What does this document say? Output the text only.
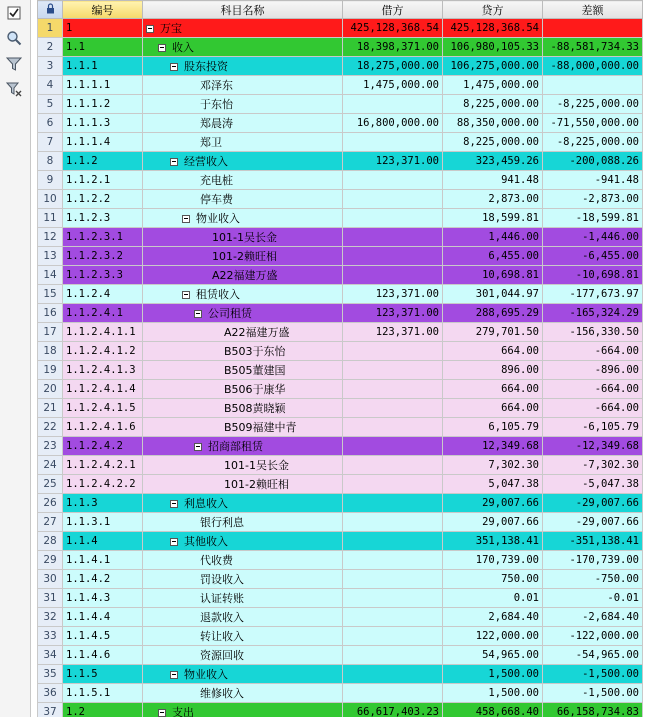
	编号	科目名称	借方	贷方	差额
1	1	万宝	425,128,368.54	425,128,368.54	
2	1.1	收入	18,398,371.00	106,980,105.33	-88,581,734.33
3	1.1.1	股东投资	18,275,000.00	106,275,000.00	-88,000,000.00
4	1.1.1.1	邓泽东	1,475,000.00	1,475,000.00	
5	1.1.1.2	于东怡		8,225,000.00	-8,225,000.00
6	1.1.1.3	郑晨涛	16,800,000.00	88,350,000.00	-71,550,000.00
7	1.1.1.4	郑卫		8,225,000.00	-8,225,000.00
8	1.1.2	经营收入	123,371.00	323,459.26	-200,088.26
9	1.1.2.1	充电桩		941.48	-941.48
10	1.1.2.2	停车费		2,873.00	-2,873.00
11	1.1.2.3	物业收入		18,599.81	-18,599.81
12	1.1.2.3.1	101-1吴长金		1,446.00	-1,446.00
13	1.1.2.3.2	101-2赖旺相		6,455.00	-6,455.00
14	1.1.2.3.3	A22福建万盛		10,698.81	-10,698.81
15	1.1.2.4	租赁收入	123,371.00	301,044.97	-177,673.97
16	1.1.2.4.1	公司租赁	123,371.00	288,695.29	-165,324.29
17	1.1.2.4.1.1	A22福建万盛	123,371.00	279,701.50	-156,330.50
18	1.1.2.4.1.2	B503于东怡		664.00	-664.00
19	1.1.2.4.1.3	B505董建国		896.00	-896.00
20	1.1.2.4.1.4	B506于康华		664.00	-664.00
21	1.1.2.4.1.5	B508黄晓颖		664.00	-664.00
22	1.1.2.4.1.6	B509福建中青		6,105.79	-6,105.79
23	1.1.2.4.2	招商部租赁		12,349.68	-12,349.68
24	1.1.2.4.2.1	101-1吴长金		7,302.30	-7,302.30
25	1.1.2.4.2.2	101-2赖旺相		5,047.38	-5,047.38
26	1.1.3	利息收入		29,007.66	-29,007.66
27	1.1.3.1	银行利息		29,007.66	-29,007.66
28	1.1.4	其他收入		351,138.41	-351,138.41
29	1.1.4.1	代收费		170,739.00	-170,739.00
30	1.1.4.2	罚设收入		750.00	-750.00
31	1.1.4.3	认证转账		0.01	-0.01
32	1.1.4.4	退款收入		2,684.40	-2,684.40
33	1.1.4.5	转让收入		122,000.00	-122,000.00
34	1.1.4.6	资源回收		54,965.00	-54,965.00
35	1.1.5	物业收入		1,500.00	-1,500.00
36	1.1.5.1	维修收入		1,500.00	-1,500.00
37	1.2	支出	66,617,403.23	458,668.40	66,158,734.83
